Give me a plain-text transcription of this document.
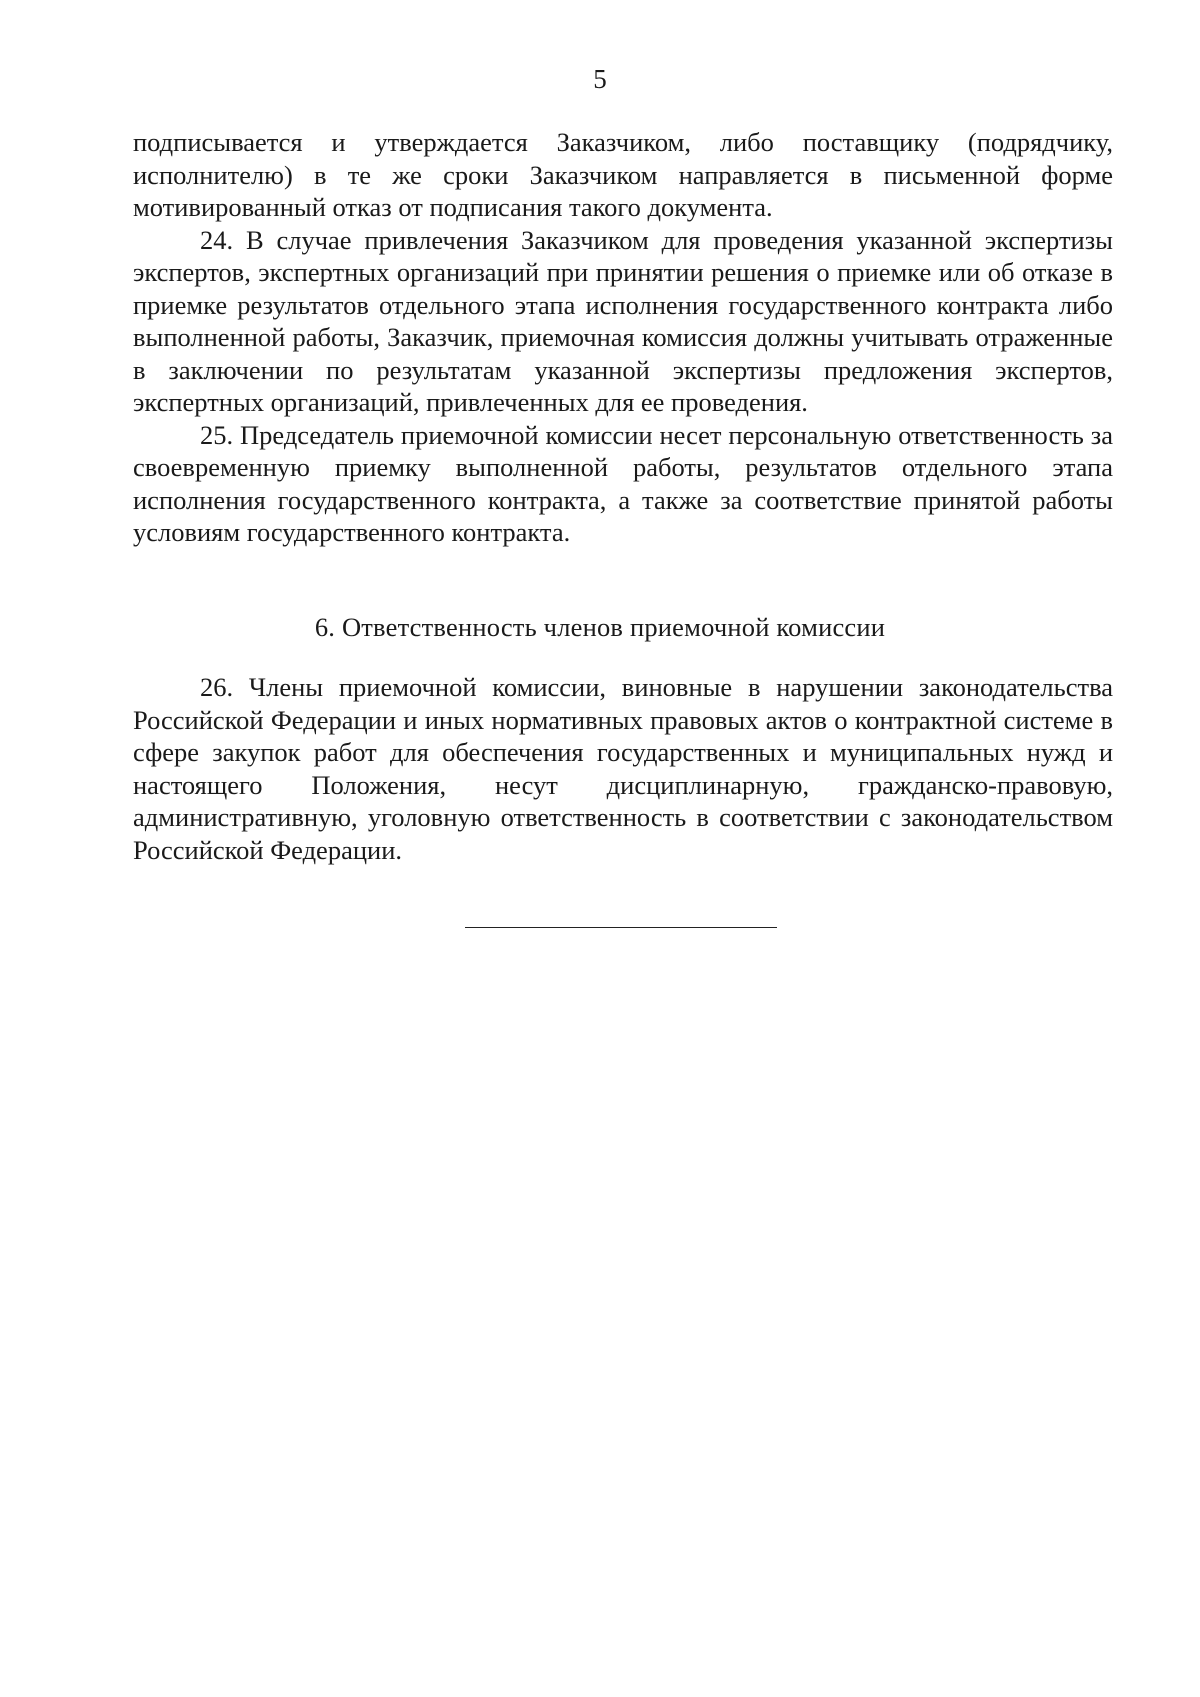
5

подписывается и утверждается Заказчиком, либо поставщику (подрядчику, исполнителю) в те же сроки Заказчиком направляется в письменной форме мотивированный отказ от подписания такого документа.

24. В случае привлечения Заказчиком для проведения указанной экспертизы экспертов, экспертных организаций при принятии решения о приемке или об отказе в приемке результатов отдельного этапа исполнения государственного контракта либо выполненной работы, Заказчик, приемочная комиссия должны учитывать отраженные в заключении по результатам указанной экспертизы предложения экспертов, экспертных организаций, привлеченных для ее проведения.

25. Председатель приемочной комиссии несет персональную ответственность за своевременную приемку выполненной работы, результатов отдельного этапа исполнения государственного контракта, а также за соответствие принятой работы условиям государственного контракта.

6. Ответственность членов приемочной комиссии

26. Члены приемочной комиссии, виновные в нарушении законодательства Российской Федерации и иных нормативных правовых актов о контрактной системе в сфере закупок работ для обеспечения государственных и муниципальных нужд и настоящего Положения, несут дисциплинарную, гражданско-правовую, административную, уголовную ответственность в соответствии с законодательством Российской Федерации.
